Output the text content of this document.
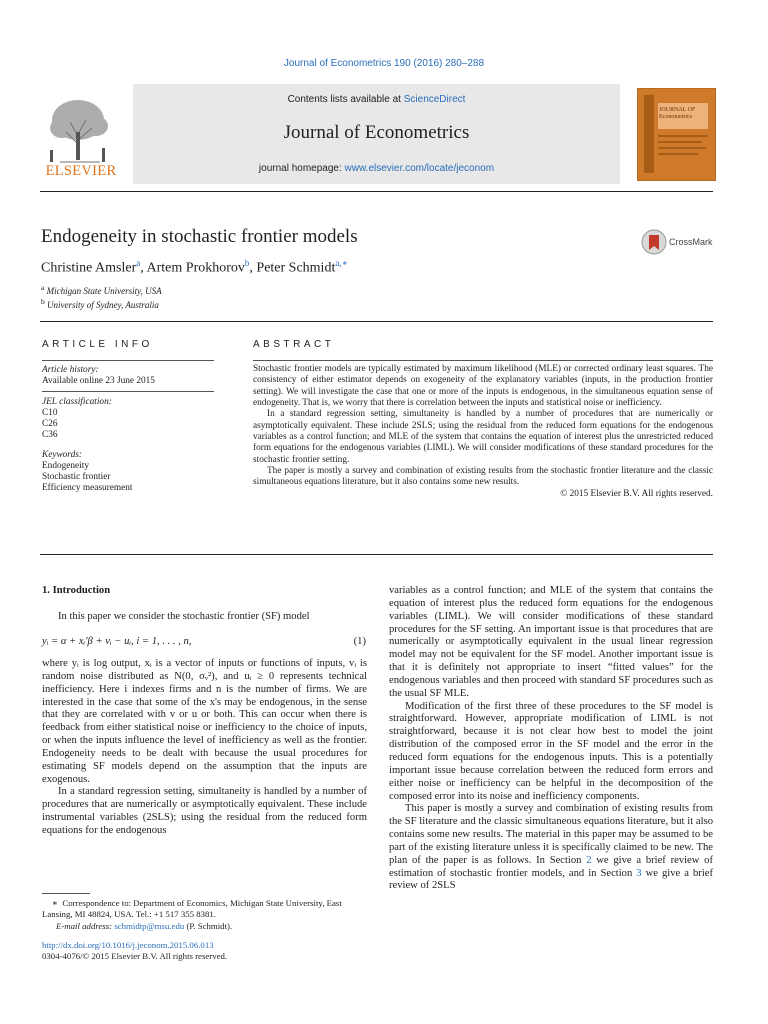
Journal of Econometrics 190 (2016) 280–288
ELSEVIER
Contents lists available at ScienceDirect
Journal of Econometrics
journal homepage: www.elsevier.com/locate/jeconom
JOURNAL OF Econometrics
Endogeneity in stochastic frontier models	CrossMark
Christine Amsler$^a$, Artem Prokhorov$^b$, Peter Schmidt$^{a,∗}$
$^a$ Michigan State University, USA
$^b$ University of Sydney, Australia
ARTICLE INFO
Article history:
Available online 23 June 2015
JEL classification:
C10
C26
C36
Keywords:
Endogeneity
Stochastic frontier
Efficiency measurement
ABSTRACT

Stochastic frontier models are typically estimated by maximum likelihood (MLE) or corrected ordinary least squares. The consistency of either estimator depends on exogeneity of the explanatory variables (inputs, in the production frontier setting). We will investigate the case that one or more of the inputs is endogenous, in the simultaneous equation sense of endogeneity. That is, we worry that there is correlation between the inputs and statistical noise or inefficiency.

In a standard regression setting, simultaneity is handled by a number of procedures that are numerically or asymptotically equivalent. These include 2SLS; using the residual from the reduced form equations for the endogenous variables as a control function; and MLE of the system that contains the equation of interest plus the unrestricted reduced form equations for the endogenous variables (LIML). We will consider modifications of these standard procedures for the stochastic frontier setting.

The paper is mostly a survey and combination of existing results from the stochastic frontier literature and the classic simultaneous equations literature, but it also contains some new results.

© 2015 Elsevier B.V. All rights reserved.

1. Introduction

In this paper we consider the stochastic frontier (SF) model

yᵢ = α + xᵢ′β + vᵢ − uᵢ, i = 1, . . . , n,	(1)

where yᵢ is log output, xᵢ is a vector of inputs or functions of inputs, vᵢ is random noise distributed as N(0, σᵥ²), and uᵢ ≥ 0 represents technical inefficiency. Here i indexes firms and n is the number of firms. We are interested in the case that some of the x's may be endogenous, in the sense that they are correlated with v or u or both. This can occur when there is feedback from either statistical noise or inefficiency to the choice of inputs, or when the inputs influence the level of inefficiency as well as the frontier. Endogeneity needs to be dealt with because the usual procedures for estimating SF models depend on the assumption that the inputs are exogenous.

In a standard regression setting, simultaneity is handled by a number of procedures that are numerically or asymptotically equivalent. These include instrumental variables (2SLS); using the residual from the reduced form equations for the endogenous

∗ Correspondence to: Department of Economics, Michigan State University, East Lansing, MI 48824, USA. Tel.: +1 517 355 8381.
E-mail address: schmidtp@msu.edu (P. Schmidt).
http://dx.doi.org/10.1016/j.jeconom.2015.06.013
0304-4076/© 2015 Elsevier B.V. All rights reserved.

variables as a control function; and MLE of the system that contains the equation of interest plus the reduced form equations for the endogenous variables (LIML). We will consider modifications of these standard procedures for the SF setting. An important issue is that procedures that are numerically or asymptotically equivalent in the usual linear regression model may not be equivalent for the SF model. Another important issue is that it is definitely not appropriate to insert “fitted values” for the endogenous variables and then proceed with standard SF procedures such as the usual SF MLE.

Modification of the first three of these procedures to the SF model is straightforward. However, appropriate modification of LIML is not straightforward, because it is not clear how best to model the joint distribution of the composed error in the SF model and the error in the reduced form equations for the endogenous inputs. This is a potentially important issue because correlation between the reduced form errors and either noise or inefficiency can be helpful in the decomposition of the composed error into its noise and inefficiency components.

This paper is mostly a survey and combination of existing results from the SF literature and the classic simultaneous equations literature, but it also contains some new results. The material in this paper may be assumed to be part of the existing literature unless it is specifically claimed to be new. The plan of the paper is as follows. In Section 2 we give a brief review of estimation of stochastic frontier models, and in Section 3 we give a brief review of 2SLS
